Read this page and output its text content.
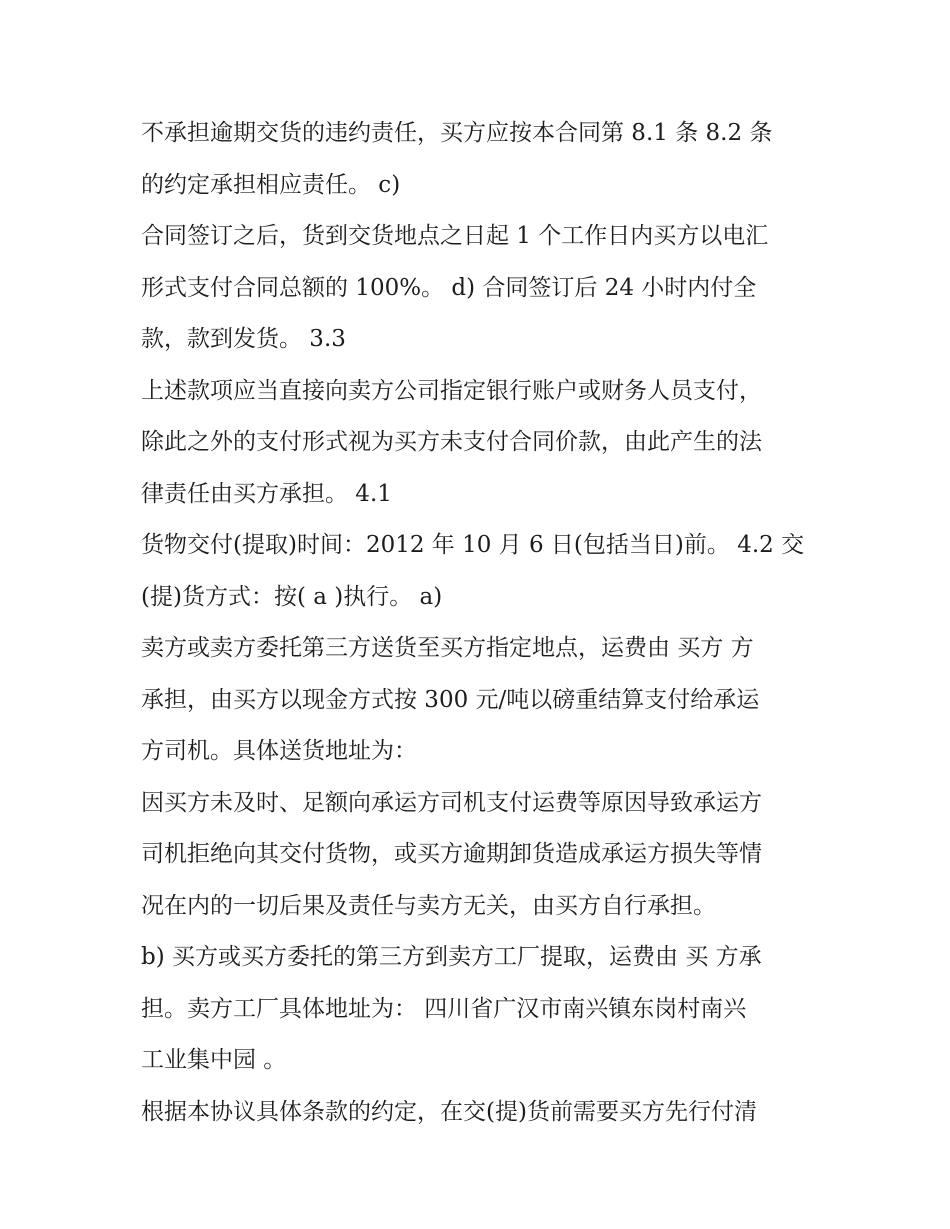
不承担逾期交货的违约责任，买方应按本合同第 8.1 条 8.2 条
的约定承担相应责任。 c)
合同签订之后，货到交货地点之日起 1 个工作日内买方以电汇
形式支付合同总额的 100%。 d) 合同签订后 24 小时内付全
款，款到发货。 3.3
上述款项应当直接向卖方公司指定银行账户或财务人员支付，
除此之外的支付形式视为买方未支付合同价款，由此产生的法
律责任由买方承担。 4.1
货物交付(提取)时间：2012 年 10 月 6 日(包括当日)前。 4.2 交
(提)货方式：按( a )执行。 a)
卖方或卖方委托第三方送货至买方指定地点，运费由 买方 方
承担，由买方以现金方式按 300 元/吨以磅重结算支付给承运
方司机。具体送货地址为：
因买方未及时、足额向承运方司机支付运费等原因导致承运方
司机拒绝向其交付货物，或买方逾期卸货造成承运方损失等情
况在内的一切后果及责任与卖方无关，由买方自行承担。
b) 买方或买方委托的第三方到卖方工厂提取，运费由 买 方承
担。卖方工厂具体地址为： 四川省广汉市南兴镇东岗村南兴
工业集中园 。
根据本协议具体条款的约定，在交(提)货前需要买方先行付清
